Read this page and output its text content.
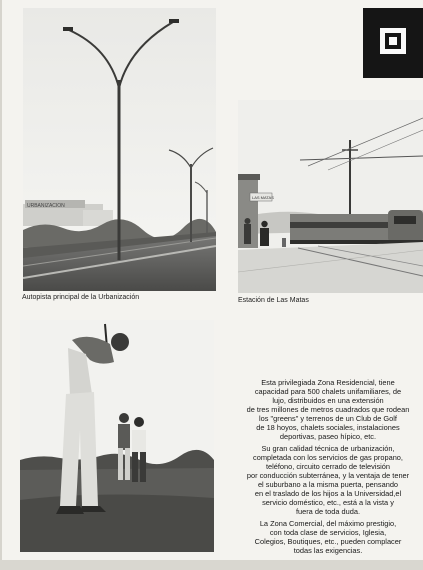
URBANIZACION
Autopista principal de la Urbanización
LAS MATAS
Estación de Las Matas

Esta privilegiada Zona Residencial, tiene
capacidad para 500 chalets unifamiliares, de
lujo, distribuidos en una extensión
de tres millones de metros cuadrados que rodean
los "greens" y terrenos de un Club de Golf
de 18 hoyos, chalets sociales, instalaciones
deportivas, paseo hípico, etc.

Su gran calidad técnica de urbanización,
completada con los servicios de gas propano,
teléfono, circuito cerrado de televisión
por conducción subterránea, y la ventaja de tener
el suburbano a la misma puerta, pensando
en el traslado de los hijos a la Universidad,el
servicio doméstico, etc., está a la vista y
fuera de toda duda.

La Zona Comercial, del máximo prestigio,
con toda clase de servicios, Iglesia,
Colegios, Boutiques, etc., pueden complacer
todas las exigencias.
